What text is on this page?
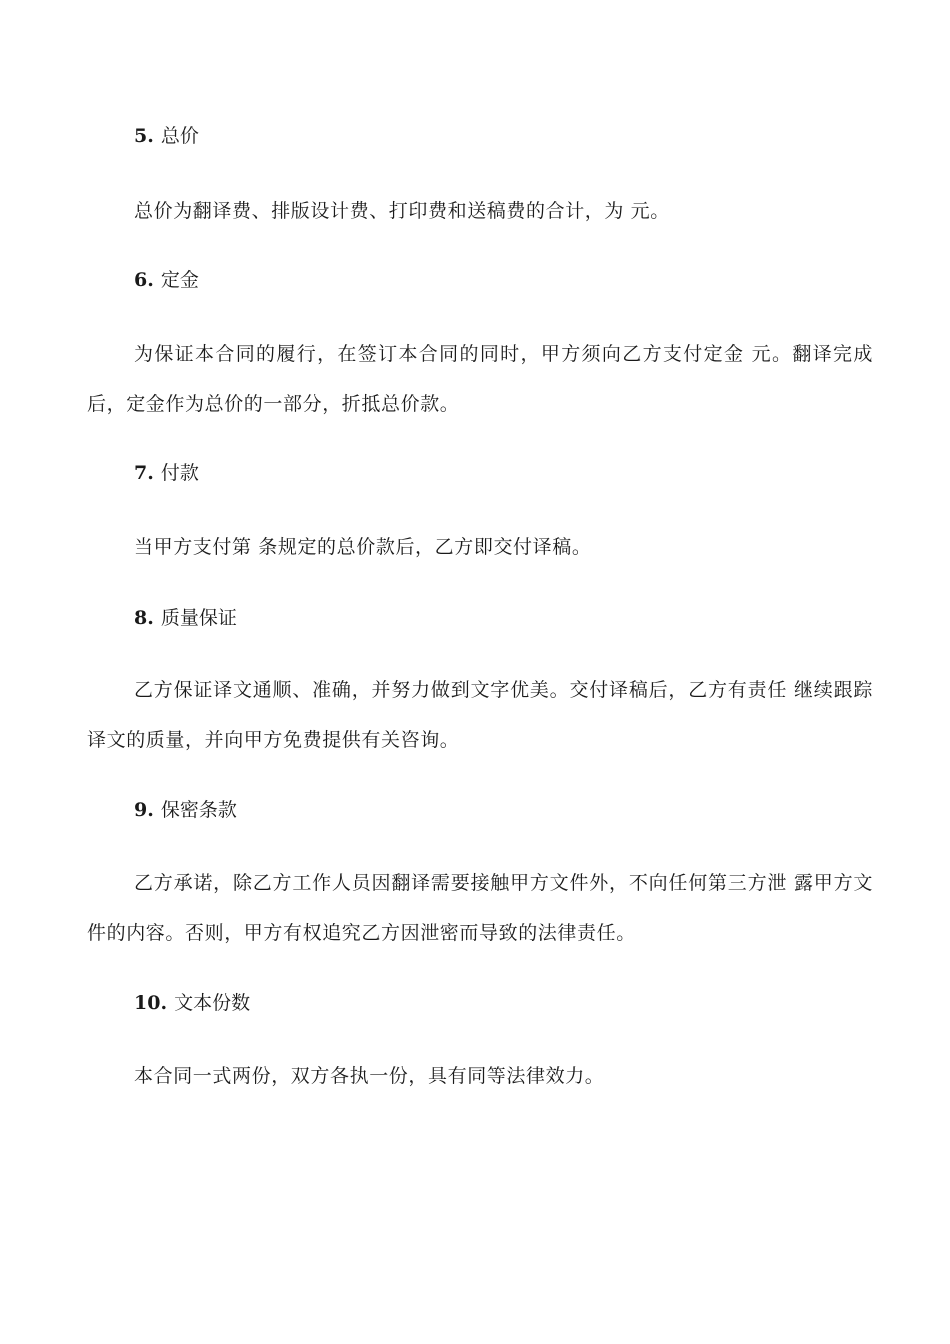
5. 总价
总价为翻译费、排版设计费、打印费和送稿费的合计，为 元。
6. 定金
为保证本合同的履行，在签订本合同的同时，甲方须向乙方支付定金 元。翻译完成后，定金作为总价的一部分，折抵总价款。
7. 付款
当甲方支付第 条规定的总价款后，乙方即交付译稿。
8. 质量保证
乙方保证译文通顺、准确，并努力做到文字优美。交付译稿后，乙方有责任 继续跟踪译文的质量，并向甲方免费提供有关咨询。
9. 保密条款
乙方承诺，除乙方工作人员因翻译需要接触甲方文件外，不向任何第三方泄 露甲方文件的内容。否则，甲方有权追究乙方因泄密而导致的法律责任。
10. 文本份数
本合同一式两份，双方各执一份，具有同等法律效力。
